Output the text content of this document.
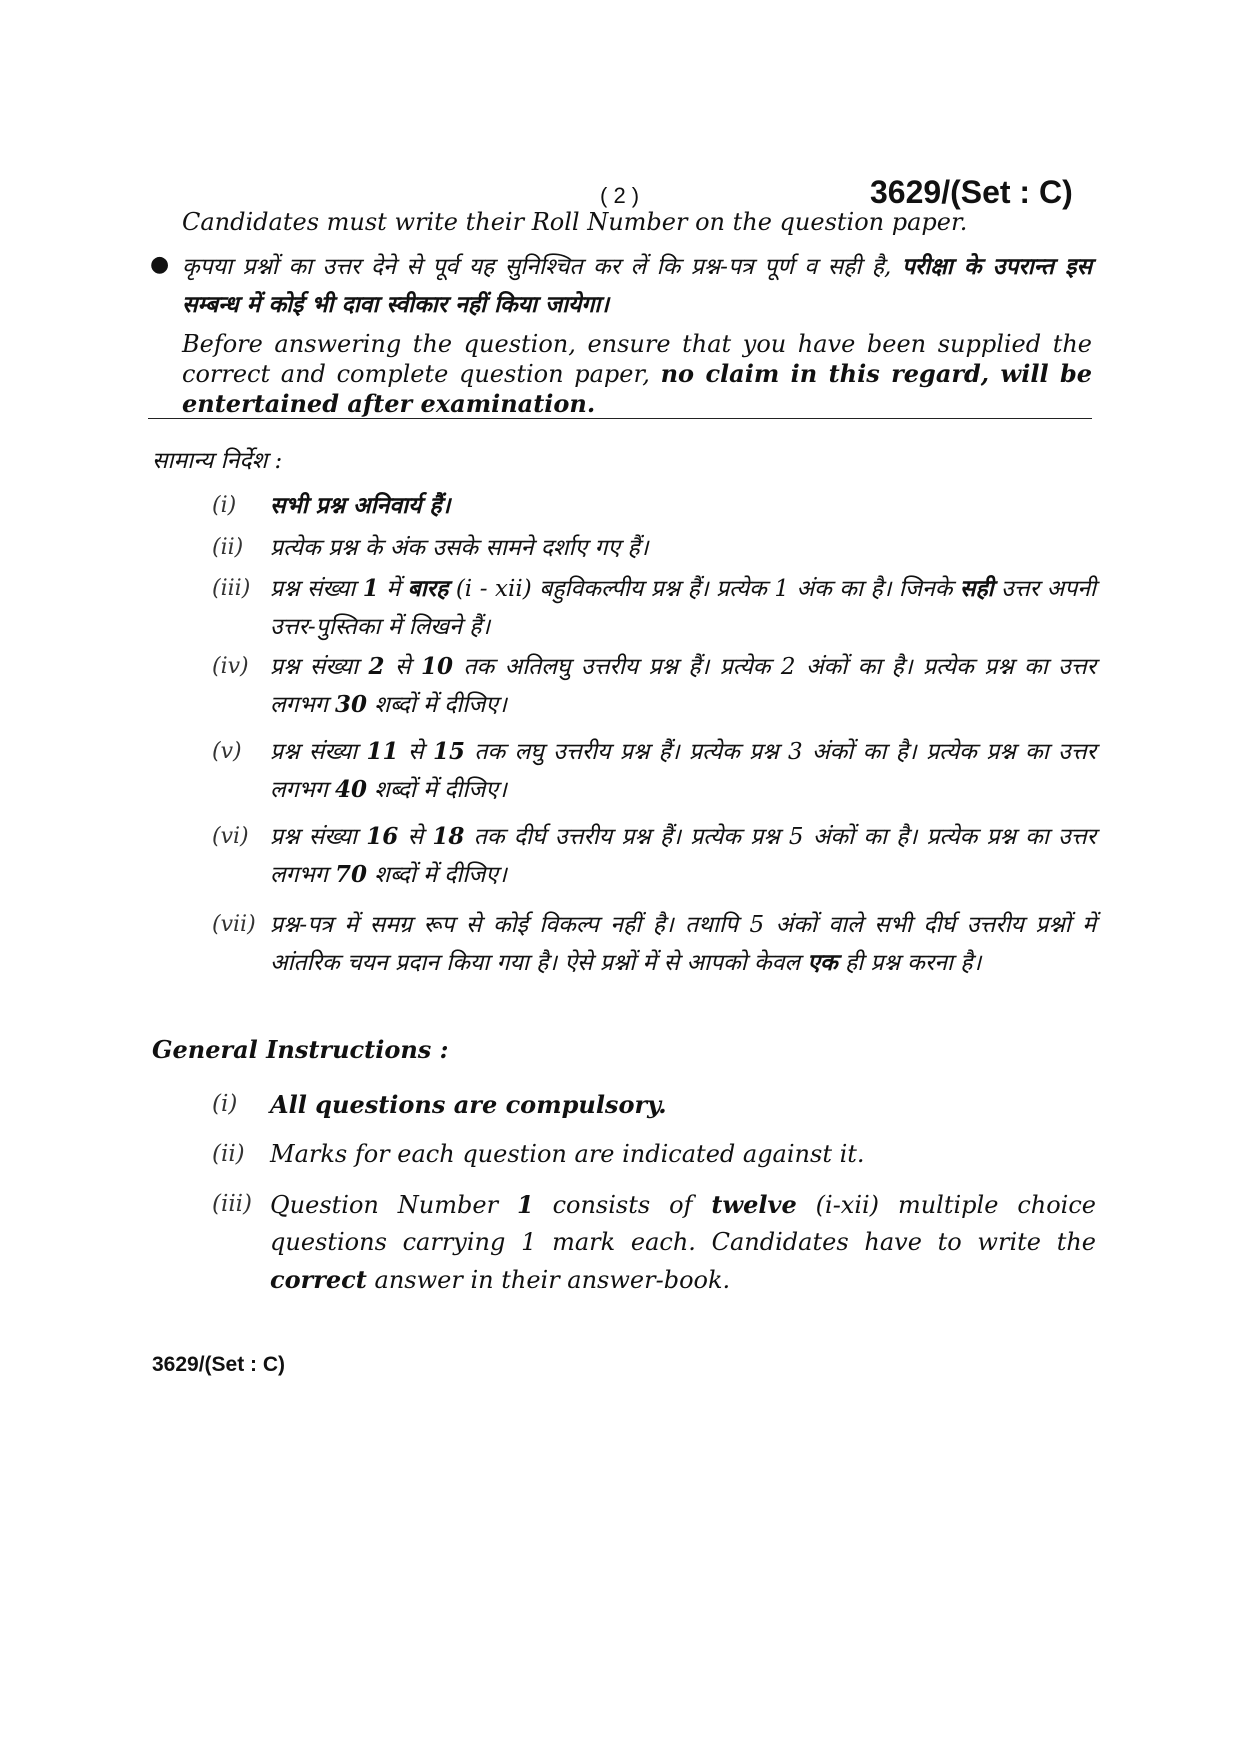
( 2 )	3629/(Set : C)
Candidates must write their Roll Number on the question paper.
● कृपया प्रश्नों का उत्तर देने से पूर्व यह सुनिश्चित कर लें कि प्रश्न-पत्र पूर्ण व सही है, परीक्षा के उपरान्त इस सम्बन्ध में कोई भी दावा स्वीकार नहीं किया जायेगा।
Before answering the question, ensure that you have been supplied the correct and complete question paper, no claim in this regard, will be entertained after examination.
सामान्य निर्देश :
(i)	सभी प्रश्न अनिवार्य हैं।
(ii)	प्रत्येक प्रश्न के अंक उसके सामने दर्शाए गए हैं।
(iii) प्रश्न संख्या 1 में बारह (i - xii) बहुविकल्पीय प्रश्न हैं। प्रत्येक 1 अंक का है। जिनके सही उत्तर अपनी उत्तर-पुस्तिका में लिखने हैं।
(iv) प्रश्न संख्या 2 से 10 तक अतिलघु उत्तरीय प्रश्न हैं। प्रत्येक 2 अंकों का है। प्रत्येक प्रश्न का उत्तर लगभग 30 शब्दों में दीजिए।
(v)	प्रश्न संख्या 11 से 15 तक लघु उत्तरीय प्रश्न हैं। प्रत्येक प्रश्न 3 अंकों का है। प्रत्येक प्रश्न का उत्तर लगभग 40 शब्दों में दीजिए।
(vi) प्रश्न संख्या 16 से 18 तक दीर्घ उत्तरीय प्रश्न हैं। प्रत्येक प्रश्न 5 अंकों का है। प्रत्येक प्रश्न का उत्तर लगभग 70 शब्दों में दीजिए।
(vii) प्रश्न-पत्र में समग्र रूप से कोई विकल्प नहीं है। तथापि 5 अंकों वाले सभी दीर्घ उत्तरीय प्रश्नों में आंतरिक चयन प्रदान किया गया है। ऐसे प्रश्नों में से आपको केवल एक ही प्रश्न करना है।
General Instructions :
(i)	All questions are compulsory.
(ii)	Marks for each question are indicated against it.
(iii) Question Number 1 consists of twelve (i-xii) multiple choice questions carrying 1 mark each. Candidates have to write the correct answer in their answer-book.
3629/(Set : C)
